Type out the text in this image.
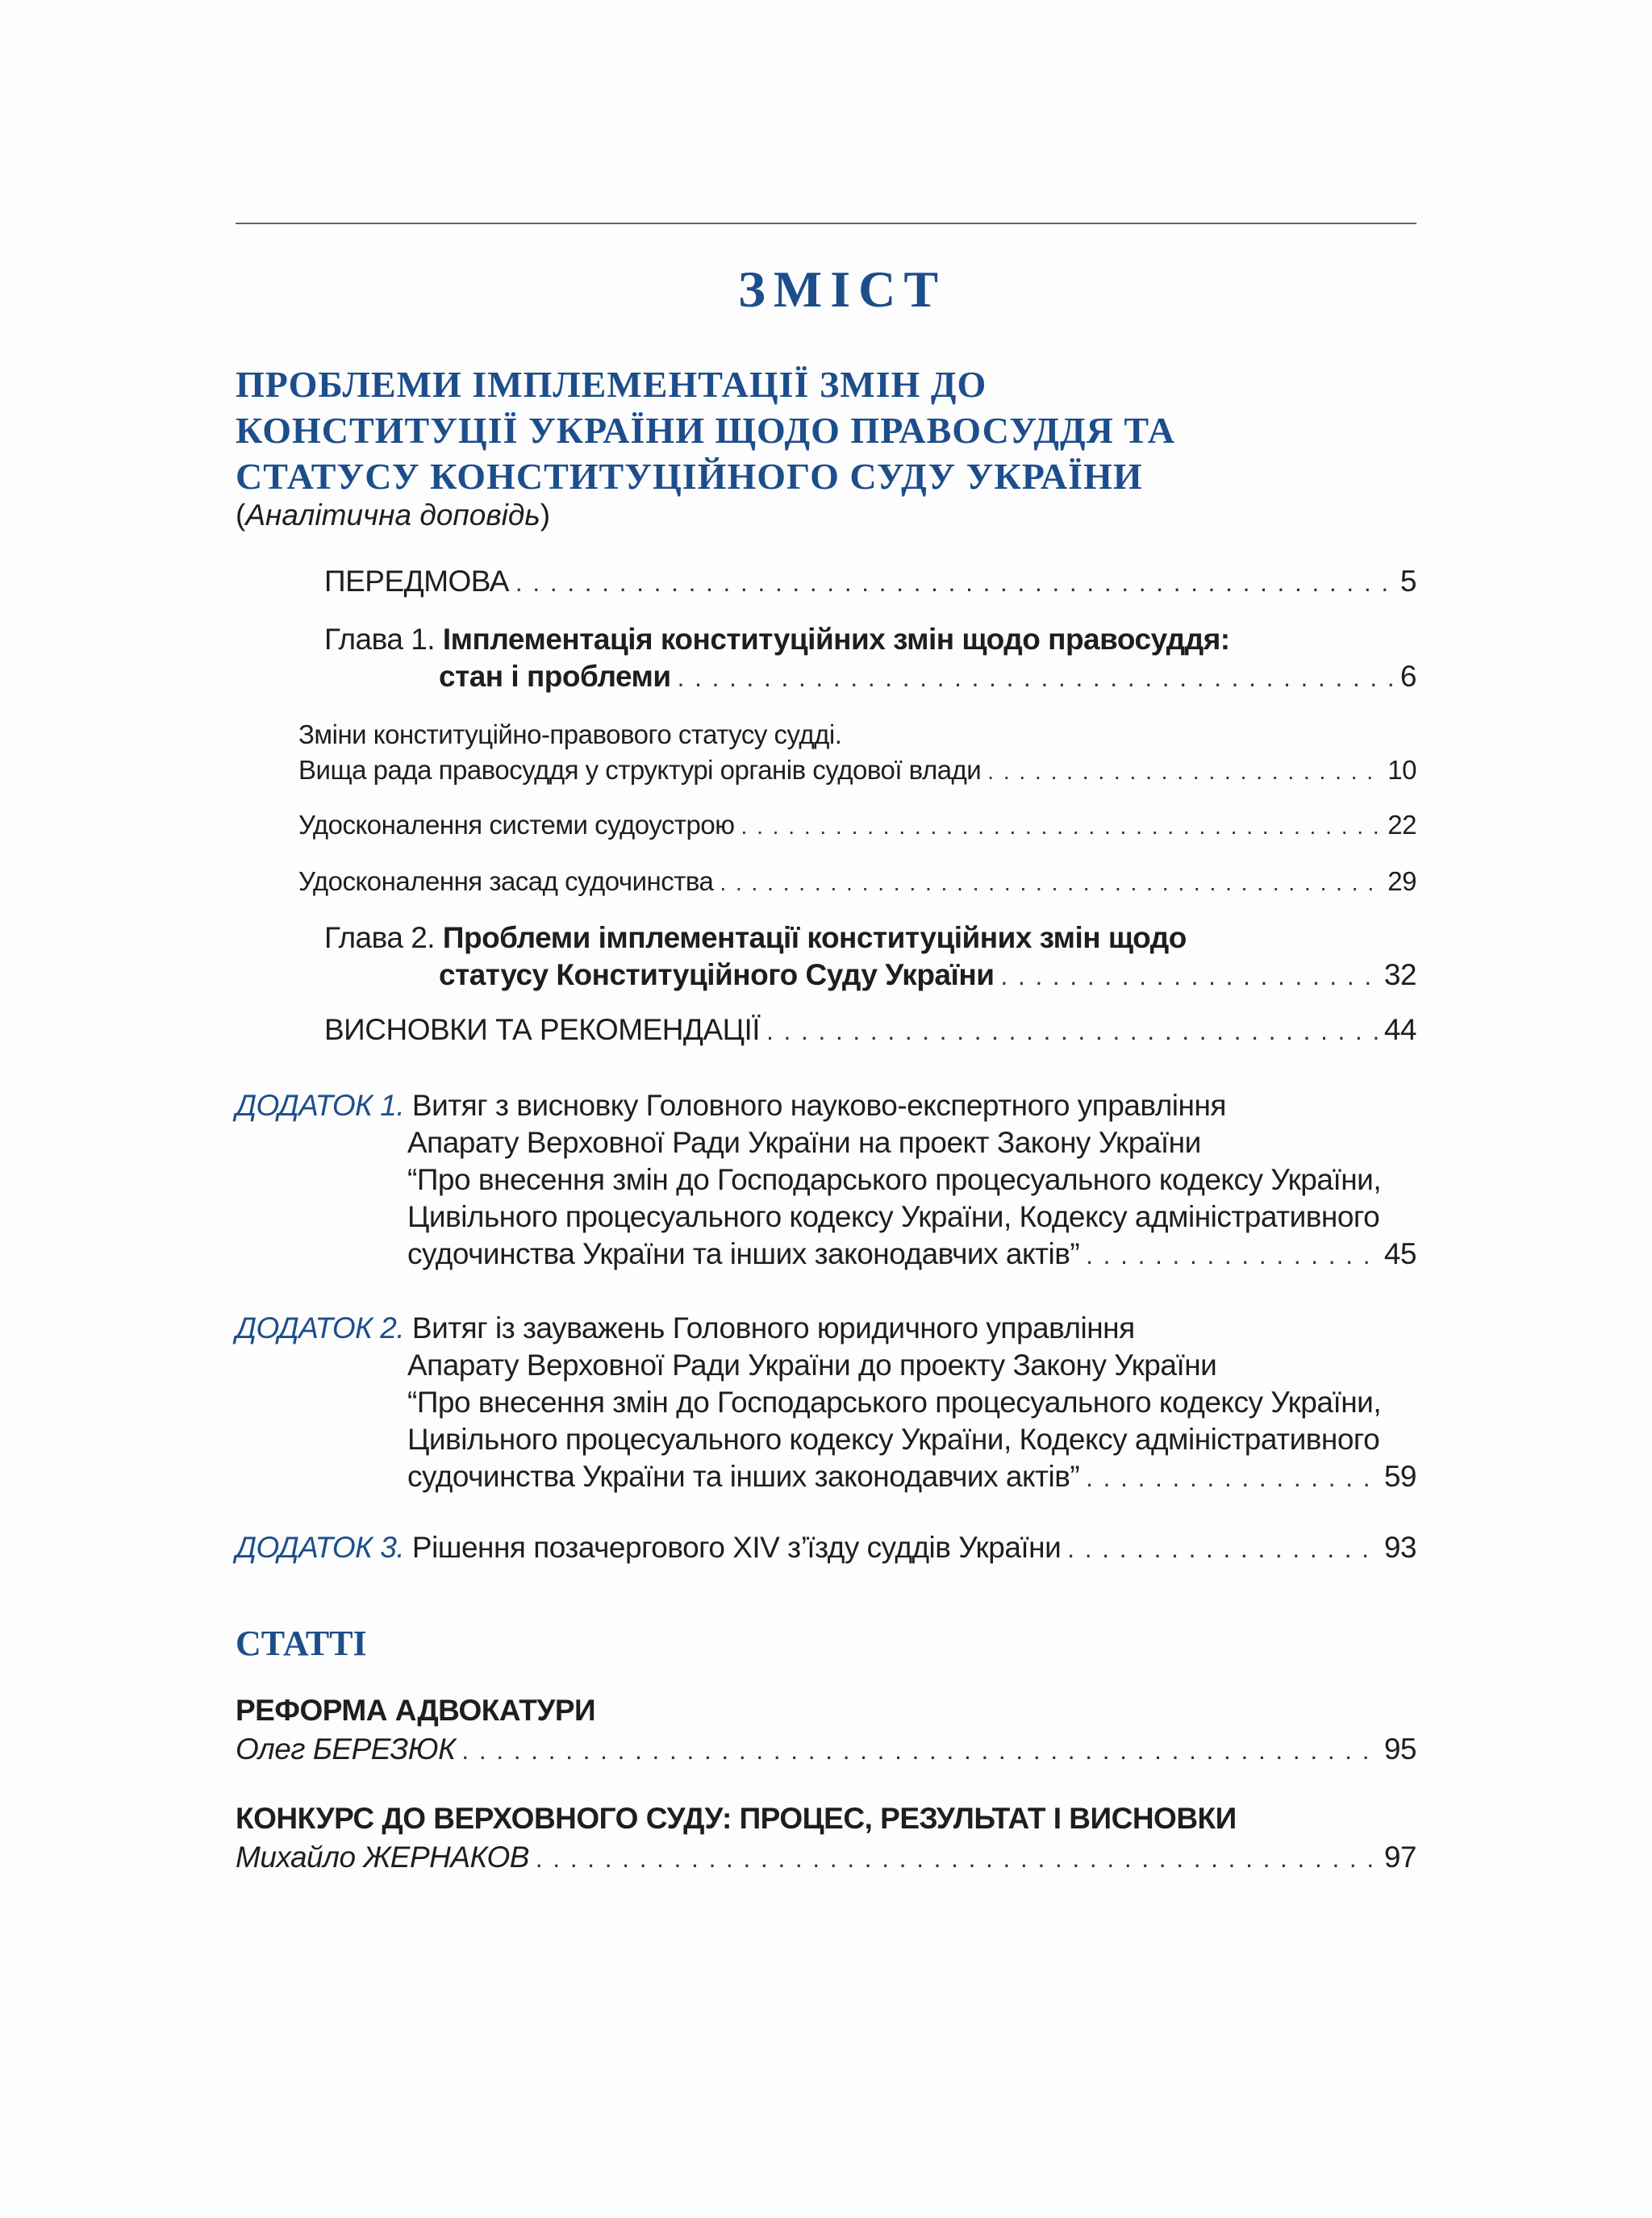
ЗМІСТ
ПРОБЛЕМИ ІМПЛЕМЕНТАЦІЇ ЗМІН ДО
КОНСТИТУЦІЇ УКРАЇНИ ЩОДО ПРАВОСУДДЯ ТА
СТАТУСУ КОНСТИТУЦІЙНОГО СУДУ УКРАЇНИ
(Аналітична доповідь)
ПЕРЕДМОВА . . .	5
Глава 1. Імплементація конституційних змін щодо правосуддя:
стан і проблеми . . .	6
Зміни конституційно-правового статусу судді.
Вища рада правосуддя у структурі органів судової влади . . .	10
Удосконалення системи судоустрою . . .	22
Удосконалення засад судочинства . . .	29
Глава 2. Проблеми імплементації конституційних змін щодо
статусу Конституційного Суду України . . .	32
ВИСНОВКИ ТА РЕКОМЕНДАЦІЇ . . .	44
ДОДАТОК 1. Витяг з висновку Головного науково-експертного управління
Апарату Верховної Ради України на проект Закону України
“Про внесення змін до Господарського процесуального кодексу України,
Цивільного процесуального кодексу України, Кодексу адміністративного
судочинства України та інших законодавчих актів” . . .	45
ДОДАТОК 2. Витяг із зауважень Головного юридичного управління
Апарату Верховної Ради України до проекту Закону України
“Про внесення змін до Господарського процесуального кодексу України,
Цивільного процесуального кодексу України, Кодексу адміністративного
судочинства України та інших законодавчих актів” . . .	59
ДОДАТОК 3. Рішення позачергового XIV з’їзду суддів України . . .	93
СТАТТІ
РЕФОРМА АДВОКАТУРИ
Олег БЕРЕЗЮК . . .	95
КОНКУРС ДО ВЕРХОВНОГО СУДУ: ПРОЦЕС, РЕЗУЛЬТАТ І ВИСНОВКИ
Михайло ЖЕРНАКОВ . . .	97
